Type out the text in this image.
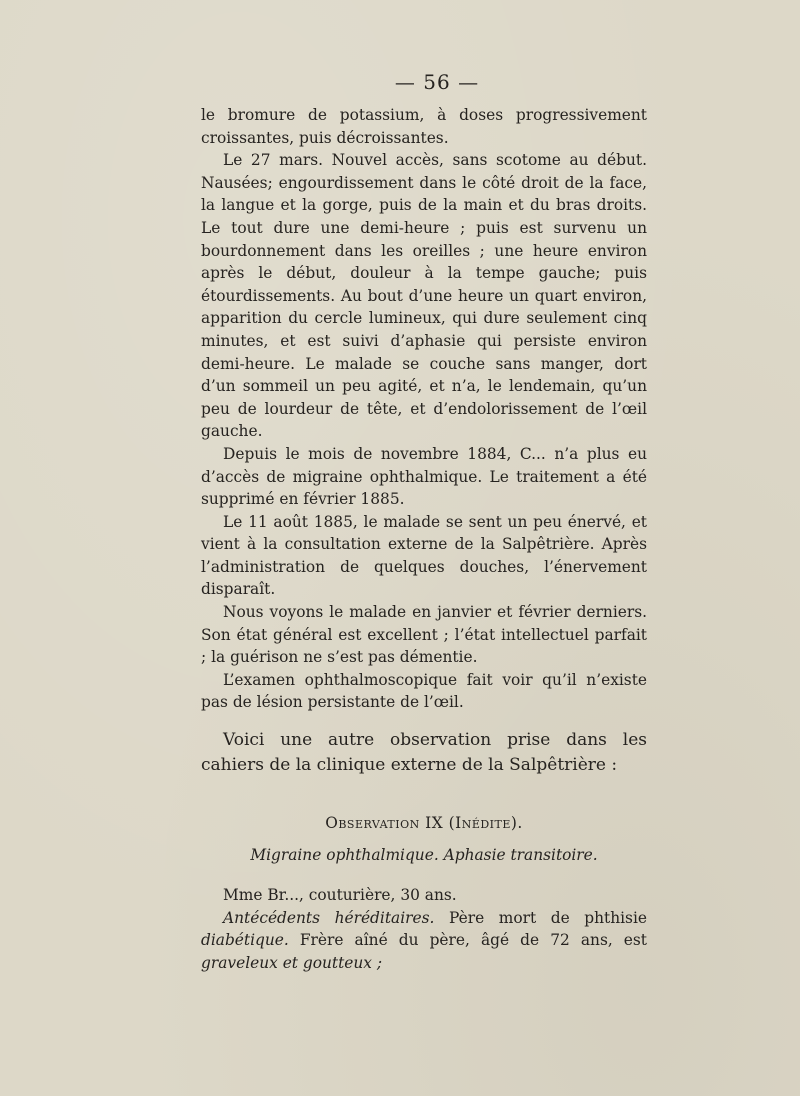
— 56 —

le bromure de potassium, à doses progressivement croissantes, puis décroissantes.

Le 27 mars. Nouvel accès, sans scotome au début. Nausées; engourdissement dans le côté droit de la face, la langue et la gorge, puis de la main et du bras droits. Le tout dure une demi-heure ; puis est survenu un bourdonnement dans les oreilles ; une heure environ après le début, douleur à la tempe gauche; puis étourdissements. Au bout d’une heure un quart environ, apparition du cercle lumineux, qui dure seulement cinq minutes, et est suivi d’aphasie qui persiste environ demi-heure. Le malade se couche sans manger, dort d’un sommeil un peu agité, et n’a, le lendemain, qu’un peu de lourdeur de tête, et d’endolorissement de l’œil gauche.

Depuis le mois de novembre 1884, C... n’a plus eu d’accès de migraine ophthalmique. Le traitement a été supprimé en février 1885.

Le 11 août 1885, le malade se sent un peu énervé, et vient à la consultation externe de la Salpêtrière. Après l’administration de quelques douches, l’énervement disparaît.

Nous voyons le malade en janvier et février derniers. Son état général est excellent ; l’état intellectuel parfait ; la guérison ne s’est pas démentie.

L’examen ophthalmoscopique fait voir qu’il n’existe pas de lésion persistante de l’œil.

Voici une autre observation prise dans les cahiers de la clinique externe de la Salpêtrière :

Observation IX (Inédite).
Migraine ophthalmique. Aphasie transitoire.

Mme Br..., couturière, 30 ans.

Antécédents héréditaires. Père mort de phthisie diabétique. Frère aîné du père, âgé de 72 ans, est graveleux et goutteux ;
